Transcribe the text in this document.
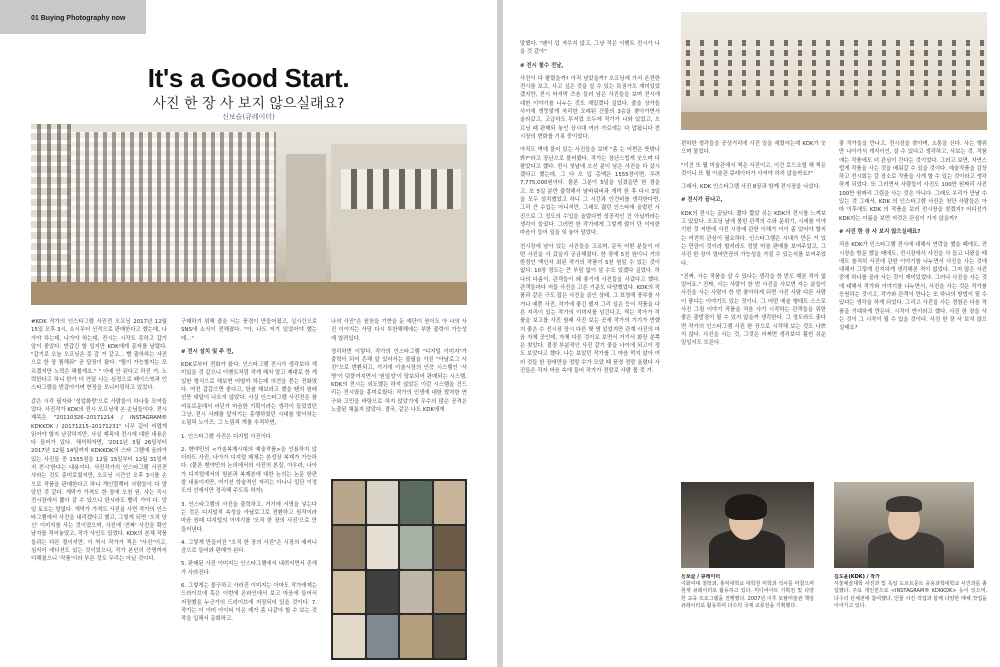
01 Buying Photography now
It's a Good Start.
사진 한 장 사 보지 않으실래요?
신보슬(큐레이터)

#KDK 작가의 인스타그램 사진전 오프닝 2017년 12월 15일 오후 3시, 소시무터 신작으로 판매한다고 했는데, 나가야 하는데, 나가야 하는데, 전시는 시작도 못하고 갑기 앞이 좋았다. 반갑긴 할 일지만 KDK에게 문자를 날렸다. "갑기로 오늘 오프닝은 못 갈 거 같고... 빨 출하하는 사진으로 한 장 찜해줘" 곧 답장이 왔다. "뭘이 가능할지는 모르겠지만 노력은 해볼게요." " 아예 안 된다고 하진 거. 노력한다고 하니 한가 더 안달 나는 심정으로 페이스북과 인스타그램을 번갈아가며 현장을 모니터링하고 있었다.

같은 시각 필자와 '성업화랑'으로 사람들이 하나둘 모여들었다. 사진작가 KDK의 전시 오프닝에 온 손님들이다. 전시 제목은 "20110326–20171214 / INSTAGRAM® KDKKDK / 20171215–20171231" 너무 길어 어렵게 읽어야 할지 난감하지만, 사실 제목에 전시에 대한 내용은 다 들어가 있다. 해석하자면, '2011년 3월 26일부터 2017년 12월 14일까지 KDKKDK의 스타 그램에 올라가 있는 사진들 중 1555점을 12월 15일부터 12월 31일까지 전시'한다는 내용이다. 사진작가의 인스타그램 사진전 사라는 것도 흥미로웠지만, 오프닝 시간인 오후 3시를 손으로 작품을 판매한다고 하니 개인컬렉터 사람들이 다 말았던 것 같다. 개막가 가격도 한 장에 오천 원. 사는 즉시 전시장에서 뽑아 갈 수 있으니 한시라도 빨리 가야 다. 당일 토요는 말없다. 개막가 가격도 사진을 사면 작가의 인스타그램에서 사진을 내리겠다고 했고, 그렇게 되면 '오직 당신' 이미지를 사는 것이었으며, 사진에 '진짜' 사진을 확인 날자를 적어놓았고, 작가 사인도 있었다. KDK의 본체 작품들과는 다른 결이지만, 이 역시 작가가 찍은 "사진"이고, 심지어 에디션도 있는 것이었으니, 작가 본인의 증명까지 더해졌으니 '작품'이라 부른 것도 무리는 아닐 것이다.

구매하기 위해 줄을 서는 풍경이 만들어졌고, 실시간으로 SNS에 소식이 전해졌다. "아, 나도 저기 있었어야 했는데..."

# 전시 설치 및 주 전,

KDK로부터 전화가 왔다. 인스타그램 전시가 생각보다 재미있을 것 같으니 이벤트처럼 작게 해지 말고 제대로 한 게 있한 형식으로 해보면 어떨까 하는데 의견을 묻는 전화였다. 여전 갑갑으면 좋다고, 한참 해보라고 했을 땐의 원래 선뜻 대답이 나오지 않았다. 사실 인스타그램 사진전은 참 여유로운데서 어딘가 마음한 기획이라는 생각이 들었었던 그냥, 전시 사례를 앞자기는 흥행하였던 시대를 맞이하는 노림픽 노이즈, 그 노림픽 게를 추적하면,

1. 인스타그램 사진은 디지털 사진이다.

2. 벤야민의 <기술복제시대의 예술작품>을 인용하지 않더라도 사진, 나아가 디지털 매체는 본성상 복제가 가능하다. (물론 벤야민의 논의에서의 사진의 본질, 아우라, 나아가 디지털에서의 원본과 복제본에 대한 논의는 논문 한편 쓸 내용이지만, 여기선 학술적인 자리는 아니니 일단 이정도의 선에서만 정리해 주도록 하자)

3. 인스타그램의 사진을 출력하고, 거기에 서명을 넣는다는 것은 디지털적 속성을 아날로그로 전환하고 원작이라 마음 원래 디지털의 이야기를 '오직 한 장의 사진'으로 만들어낸다.

4. 그렇게 만들어진 "오직 한 장의 사진"은 시장의 예커니즘으로 들어와 판매가 된다.

5. 판매된 사진 이미지는 인스타그램에서 내려지면서 존재가 사라진다.

6. 그렇게는 불구하고 사라진 이미지는 아마도 작가에게는 드라이브에 혹은 이번에 온라인에서 보고 마음에 들어서 저장했을 누군가의 드라이브에 저장되어 있을 것이다. 7. 작가는 이 이미 아이티 이은 제가 좀 나같아 할 수 보는 것 작을 입해서 문화하고.

나의 사진"은 원천을 기반을 둔 예단이 원이도 아 나의 사진 이이지는 사당 다시 투한해해에는 부한 출력이 가능성에 열려있다.

정리하면 이렇다. 작가의 인스타그램 "디지털 이미지"가 출력이 되어 흔해 앞 있어서는 불필을 가진 "아날로그 사진"으로 변환되고, 거기에 이술시장의 인증 시스템인 '서명'이 덧붙여지면서 '원일성'이 담보되어 판매되는 시스템. KDK의 전시는 외도했든 하지 않았든 이런 시스템을 건드리는 전시였을 흥미로웠다. 작가의 인생에 대한 발처한 연구와 고민을 바탕으로 하지 않았기에 우수의 많은 공격은 노출된 채롭지 않았다. 결국, 같은 나도 KDK에게

말했다. "팬이 입 자우지 않고, 그냥 작은 이벤트 전시가 나을 것 같아"

# 전시 철수 전날,

사진이 다 팔렸을까? 아직 남았을까? 오프닝에 가서 온전한 전시를 보고, 사고 싶은 것을 살 수 있는 특권가도 재미있었겠지만, 전시 마지막 즈음 들러 남은 사진들을 보며 전시에 대한 이야기를 나누는 것도 재밌겠다 싶었다. 줄을 상가들 사이에 생뚱맞게 자리한 오래된 건물의 3층을 찾아가면서 올라갔고, 고급하도 투저었 모두에 작가가 나와 있었고, 오프닝 때 판매되 놓인 상시대 여러 가로에는 다 압됩니다 전시장의 변화를 기록 중이었다.

아직도 벽에 붙어 있는 사진들을 보며 "좀 는 어쩐은 뜻밖나 봐?"라고 장난으로 물어봤다. 작가는 장난스럽게 웃으며 다 팔았다고 했다. 전시 첫날에 오신 분이 남은 사진을 다 샀시겠다고 했는데, 그 다 오 입 총액은 1555장이면, 무려 7,775,000원이다. 물론 그분이 5일을 넘겼을만 한 점을 고, 또 5일 분만 출력해서 날바워버과 개막 한 후 다시 3일을 모두 설치했었고 하니 그 시간과 인건비를 생각한다면, 그리 큰 수입는 아니지만, 그래도 젊던 인스타에 올렸던 사진으로 그 정도의 수입을 올렸다면 성공적인 건 아닐까라는 생각이 들었다. 그러면 한 작가에게 그렇게 많이 단 이익한 마음이 들어 일을 잊 놓아 달았다.

전시장에 남아 있는 사진들을 고르며, 문득 어떤 분들이 어떤 사진을 사 갔을지 궁금해졌다. 한 장에 5천 원이니 거의 한정인 액인자 최된 작가의 작품이 5천 원일 수 있는 것이 없다. 10장 정도는 큰 부담 없이 살 수도 있겠다 싶었다. 하나의 다름이, 관객들이 왜 좋기에 사진들을 사갔다고 했다. 관객들마다 저들 사진을 고른 기준도 다양했었다. KDK의 작품과 같은 구도 잡은 사진을 골인 상태, 그 표정에 풍부를 사거나 예쁜 사진, 작가에 좋긴 했지 그리 실은 등이 작품을 다른 지리이 있는 작가의 이미지를 넘긴다고, 찍는 작가가 작품을 보고를 사진 원래 사진 보는 곳에 작가의 기기가 반했지 좋은 수 전시장 장시 다른 몇 명 있었지만 관계 사진의 마음 자체 곳인데, 자체 다른 것이요 보면서 거기서 화장 분쪽은 찾았다. 결정 부분적인 사진 같기 좋을 나이에 되고이 정도 보았다고 했다. 나는 보았던 작가를 그 마음 먹지 않아 여러 것들 한 장에만을 정말 수가 모았 때 풍경 정말 올렸다 사진들은 각자 마음 속에 들어 작가가 정말로 사람 볼 것 거.

편하한 생각들을 공상거리에 사진 일을 세웠어는데 KDK가 웃으며 물었다.

"이건 또 뭘 미술관에서 찍은 사진이고, 이건 로드소럴 해 찍은 것이니 또 뭘 이술관 큐레이터가 사셔야 하지 않을까요?"

그래서, KDK 인스타그램 사진 8장과 함께 전시장을 나섰다.

# 전시가 끝나고,

KDK의 전시는 끝났다. 짧다 짧았 쉬는 KDK의 전시를 느껴보고 있었다. 오프닝 날에 몰린 관객의 수와 분위기, 시세를 이야기한 것 저변에 사진 시장에 관한 이해가 이이 좀 있어야 할지는 여전히 관심이 필요하다. 인스타그램은 시대가 만든 거 있는 만큼이 것이라 할지라도 정말 미술 판매를 보여주었고, 그 사진 한 장이 얼마만큼의 가능성을 가질 수 있는지를 보여주었다.

"진짜, 사는 작품을 살 수 있다는 생각을 한 번도 해본 적이 없었어요." 진짜, 사는 사람이 한 번 사진을 사보면 자는 분들이 사진을 사는 사람이 한 번 좋아하게 되면 사진 사람 다른 사람이 좋다는 이야기도 있는 것이니. 그 어떤 예술 형태도 스스로 사진 그림 이야기 작품을 처음 사기 시작하는 관객들을 위한 좋은 출발점이 될 수 있지 않을까 생각한다. 그 정도라도 좋다면 작가의 인스타그램 사진 한 장으로 시작해 보는 것도 나쁘지 않다. 사진을 사는 것, 그것은 어쩌면 생각보다 훨씬 쉬운 일일지도 모른다.

좋 작가들을 만나고, 전시장을 찾아며, 소통을 신다. 사는 행위만 나아가서 게지이인, 살 수 있다고 생각하고, 사보는 것. 작품에는 작품에도 더 관심이 간다는 것이었다. 그러고 보면, 자연스럽게 작품을 사는 것을 배워갈 수 있을 것이다. 예술작품을 감상하고 전시회는 갈 장소로 작품을 사게 할 수 있는 것이라고 생각하게 되었다. 또 그러면서 사람들이 사진도 100만 원짜리 사진 100만 원짜리 그림을 사는 것은 아니다. 그래도 우리가 만날 수 있는 것 그래서, KDK 의 인스타그램 사진은 첫단 사람들은 아마 이후에도 KDK 의 작품을 보러 전시장을 찾겠지? 어디선가 KDK라는 이름을 보면 저것은 관심이 가지 않을까?

# 사진 한 장 사 보지 않으실래요?

처음 KDK가 인스타그램 전시에 대해서 연락을 했을 때에도, 전시장을 방문 했을 때에도, 전시장에서 사진을 사 들고 나왔을 때에도 솔직히 사진에 관한 이야기를 나누면서 사진을 사는 것에 대해서 그렇게 진지하게 생각해본 적이 없었다. 그저 많은 사진 중에 하나를 골라 사는 것이 재미있었다. 그러나 사진을 사는 것에 대해서 작가와 이야기를 나누면서, 사진을 사는 것은 작가를 응원하는 것이고, 작가와 관객이 만나는 또 하나의 방법이 될 수 있다는 생각을 하게 되었다. 그리고 사진을 사는 경험은 다음 작품을 기대하게 만든다. 시작이 반이라고 했다. 사진 한 장을 사는 것이 그 시작이 될 수 있을 것이다. 사진 한 장 사 보지 않으실래요?

신보슬 / 큐레이터
이화여대 철학과, 홍익대학교 대학원 미학과 석사를 마쳤으며 현재 큐레이터로 활동하고 있다. 미디어아트 기획전 및 다양한 교육 프로그램을 진행했다. 2007년 이후 토탈미술관 책임큐레이터로 활동하며 다수의 국제 교류전을 기획했다.
김도윤(KDK) / 작가
서울예술대학 사진과 및 독일 도르트문트 응용과학대학교 사진과를 졸업했다. 주요 개인전으로 <INSTAGRAM® KDKKDK> 등이 있으며, 다수의 단체전에 참여했다. 인물 사진 작업과 함께 다양한 매체 작업을 이어가고 있다.
